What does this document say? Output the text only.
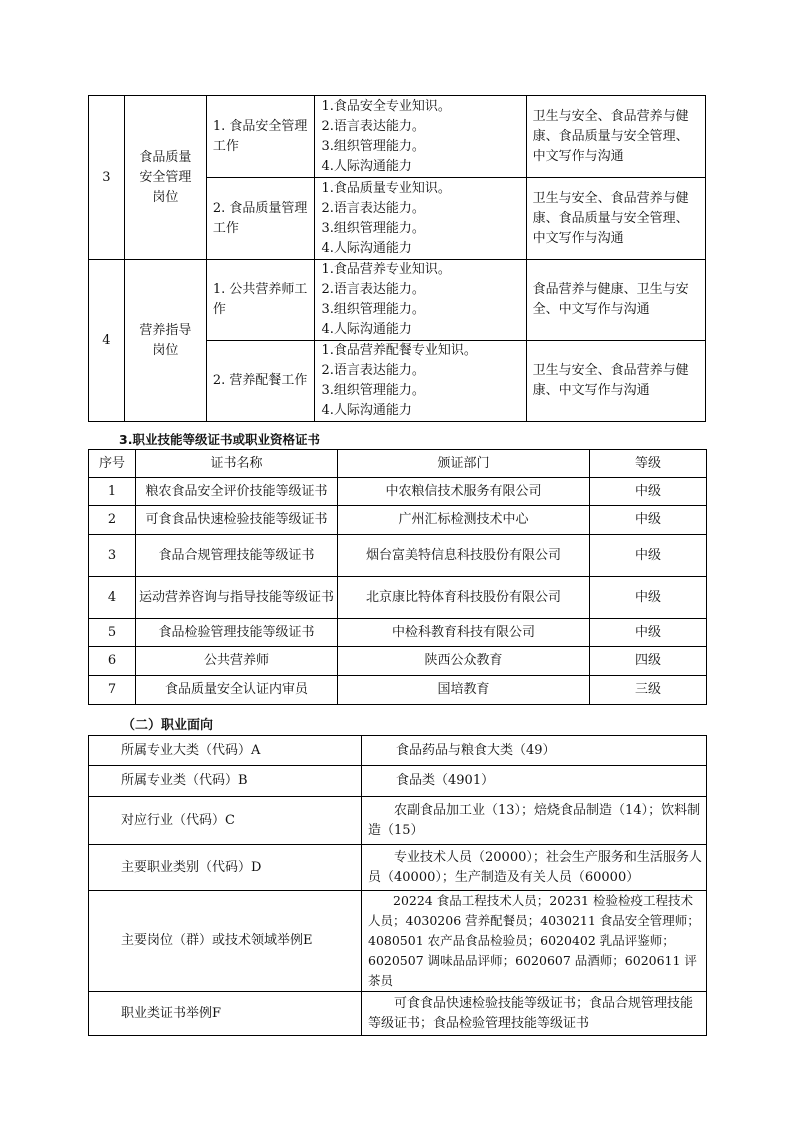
3	食品质量安全管理岗位	1. 食品安全管理工作	1.食品安全专业知识。
2.语言表达能力。
3.组织管理能力。
4.人际沟通能力	卫生与安全、食品营养与健康、食品质量与安全管理、中文写作与沟通
		2. 食品质量管理工作	1.食品质量专业知识。
2.语言表达能力。
3.组织管理能力。
4.人际沟通能力	卫生与安全、食品营养与健康、食品质量与安全管理、中文写作与沟通
4	营养指导岗位	1. 公共营养师工作	1.食品营养专业知识。
2.语言表达能力。
3.组织管理能力。
4.人际沟通能力	食品营养与健康、卫生与安全、中文写作与沟通
		2. 营养配餐工作	1.食品营养配餐专业知识。
2.语言表达能力。
3.组织管理能力。
4.人际沟通能力	卫生与安全、食品营养与健康、中文写作与沟通
3.职业技能等级证书或职业资格证书
序号	证书名称	颁证部门	等级
1	粮农食品安全评价技能等级证书	中农粮信技术服务有限公司	中级
2	可食食品快速检验技能等级证书	广州汇标检测技术中心	中级
3	食品合规管理技能等级证书	烟台富美特信息科技股份有限公司	中级
4	运动营养咨询与指导技能等级证书	北京康比特体育科技股份有限公司	中级
5	食品检验管理技能等级证书	中检科教育科技有限公司	中级
6	公共营养师	陕西公众教育	四级
7	食品质量安全认证内审员	国培教育	三级
（二）职业面向
所属专业大类（代码）A	食品药品与粮食大类（49）
所属专业类（代码）B	食品类（4901）
对应行业（代码）C	农副食品加工业（13）；焙烧食品制造（14）；饮料制造（15）
主要职业类别（代码）D	专业技术人员（20000）；社会生产服务和生活服务人员（40000）；生产制造及有关人员（60000）
主要岗位（群）或技术领域举例E	20224 食品工程技术人员；20231 检验检疫工程技术人员；4030206 营养配餐员；4030211 食品安全管理师；4080501 农产品食品检验员；6020402 乳品评鉴师；6020507 调味品品评师；6020607 品酒师；6020611 评茶员
职业类证书举例F	可食食品快速检验技能等级证书；食品合规管理技能等级证书；食品检验管理技能等级证书
